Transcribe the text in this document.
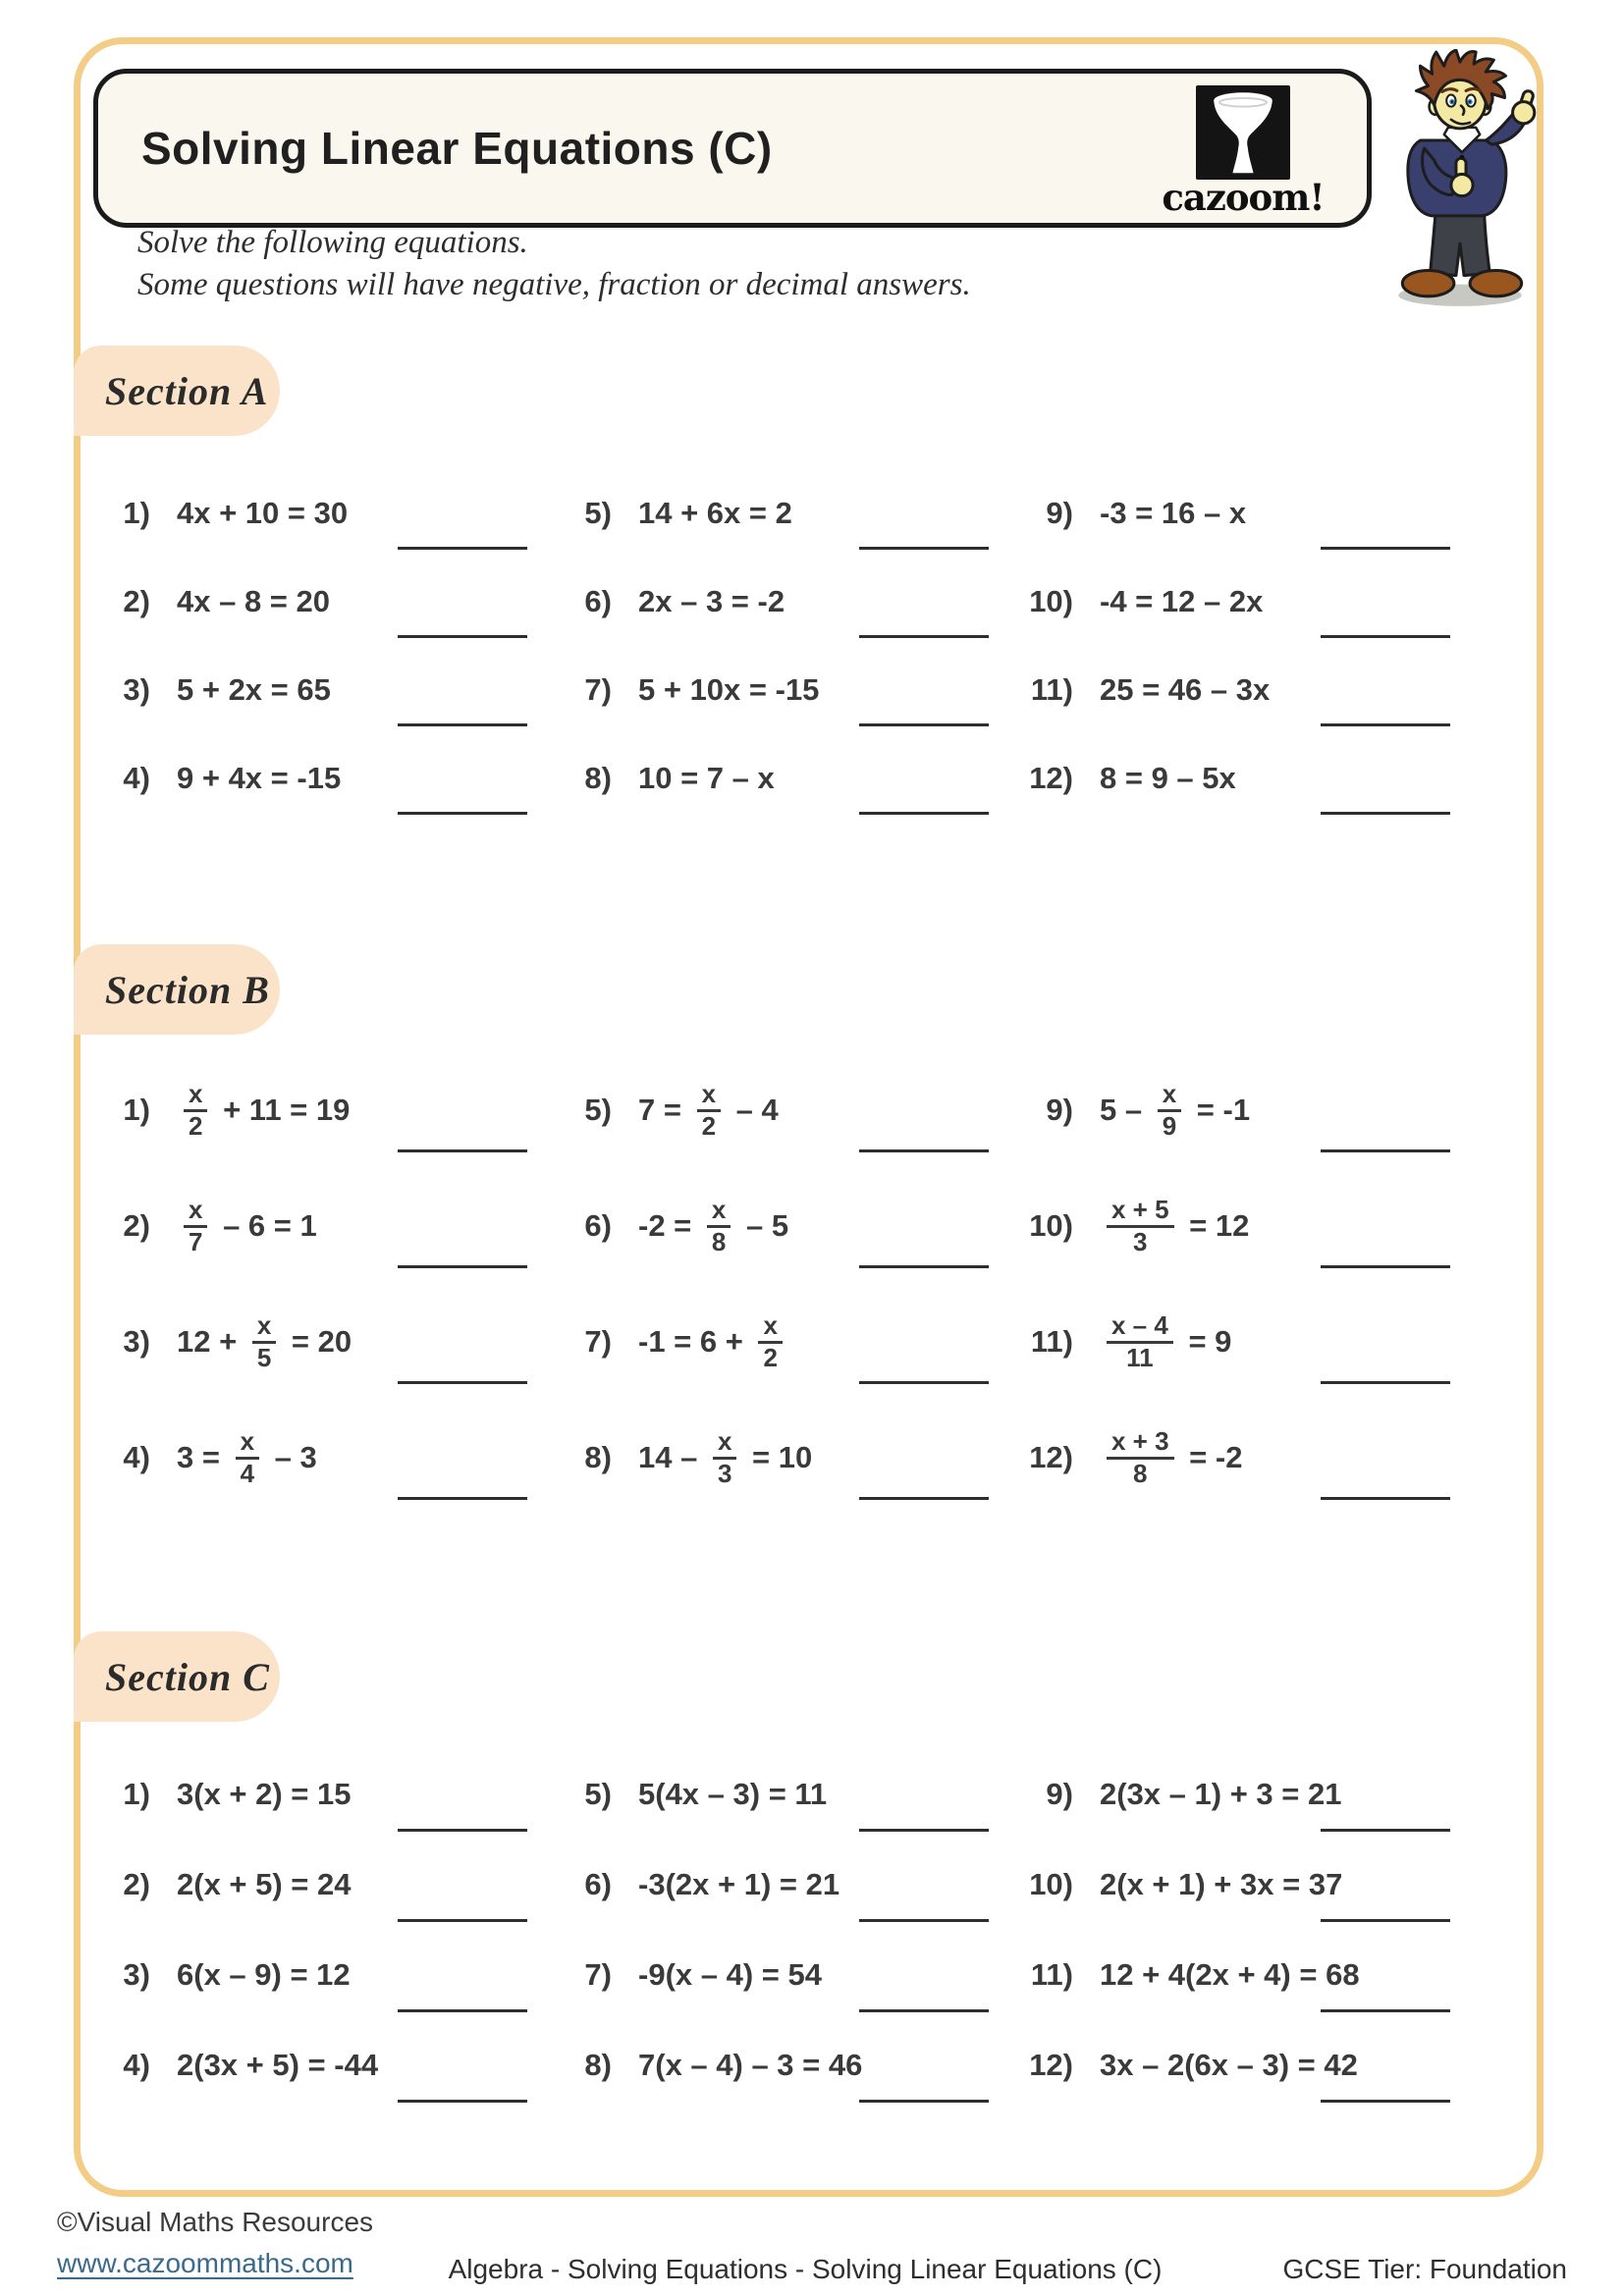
Solving Linear Equations (C)
cazoom!
Solve the following equations.
Some questions will have negative, fraction or decimal answers.
Section A
1) 4x + 10 = 30
2) 4x – 8 = 20
3) 5 + 2x = 65
4) 9 + 4x = -15
5) 14 + 6x = 2
6) 2x – 3 = -2
7) 5 + 10x = -15
8) 10 = 7 – x
9) -3 = 16 – x
10) -4 = 12 – 2x
11) 25 = 46 – 3x
12) 8 = 9 – 5x
Section B
$1) \frac{x}{2} + 11 = 19$
$2) \frac{x}{7} - 6 = 1$
3) $12 + \frac{x}{5} = 20$
4) $3 = \frac{x}{4} - 3$
5) $7 = \frac{x}{2} - 4$
6) $-2 = \frac{x}{8} - 5$
7) $-1 = 6 + \frac{x}{2}$
8) $14 - \frac{x}{3} = 10$
9) $5 - \frac{x}{9} = -1$
$10) \frac{x + 5}{3} = 12$
$11) \frac{x - 4}{11} = 9$
$12) \frac{x + 3}{8} = -2$
Section C
1) 3(x + 2) = 15
2) 2(x + 5) = 24
3) 6(x – 9) = 12
4) 2(3x + 5) = -44
5) 5(4x – 3) = 11
6) -3(2x + 1) = 21
7) -9(x – 4) = 54
8) 7(x – 4) – 3 = 46
9) 2(3x – 1) + 3 = 21
10) 2(x + 1) + 3x = 37
11) 12 + 4(2x + 4) = 68
12) 3x – 2(6x – 3) = 42
©Visual Maths Resources
www.cazoommaths.com	Algebra - Solving Equations - Solving Linear Equations (C)	GCSE Tier: Foundation
